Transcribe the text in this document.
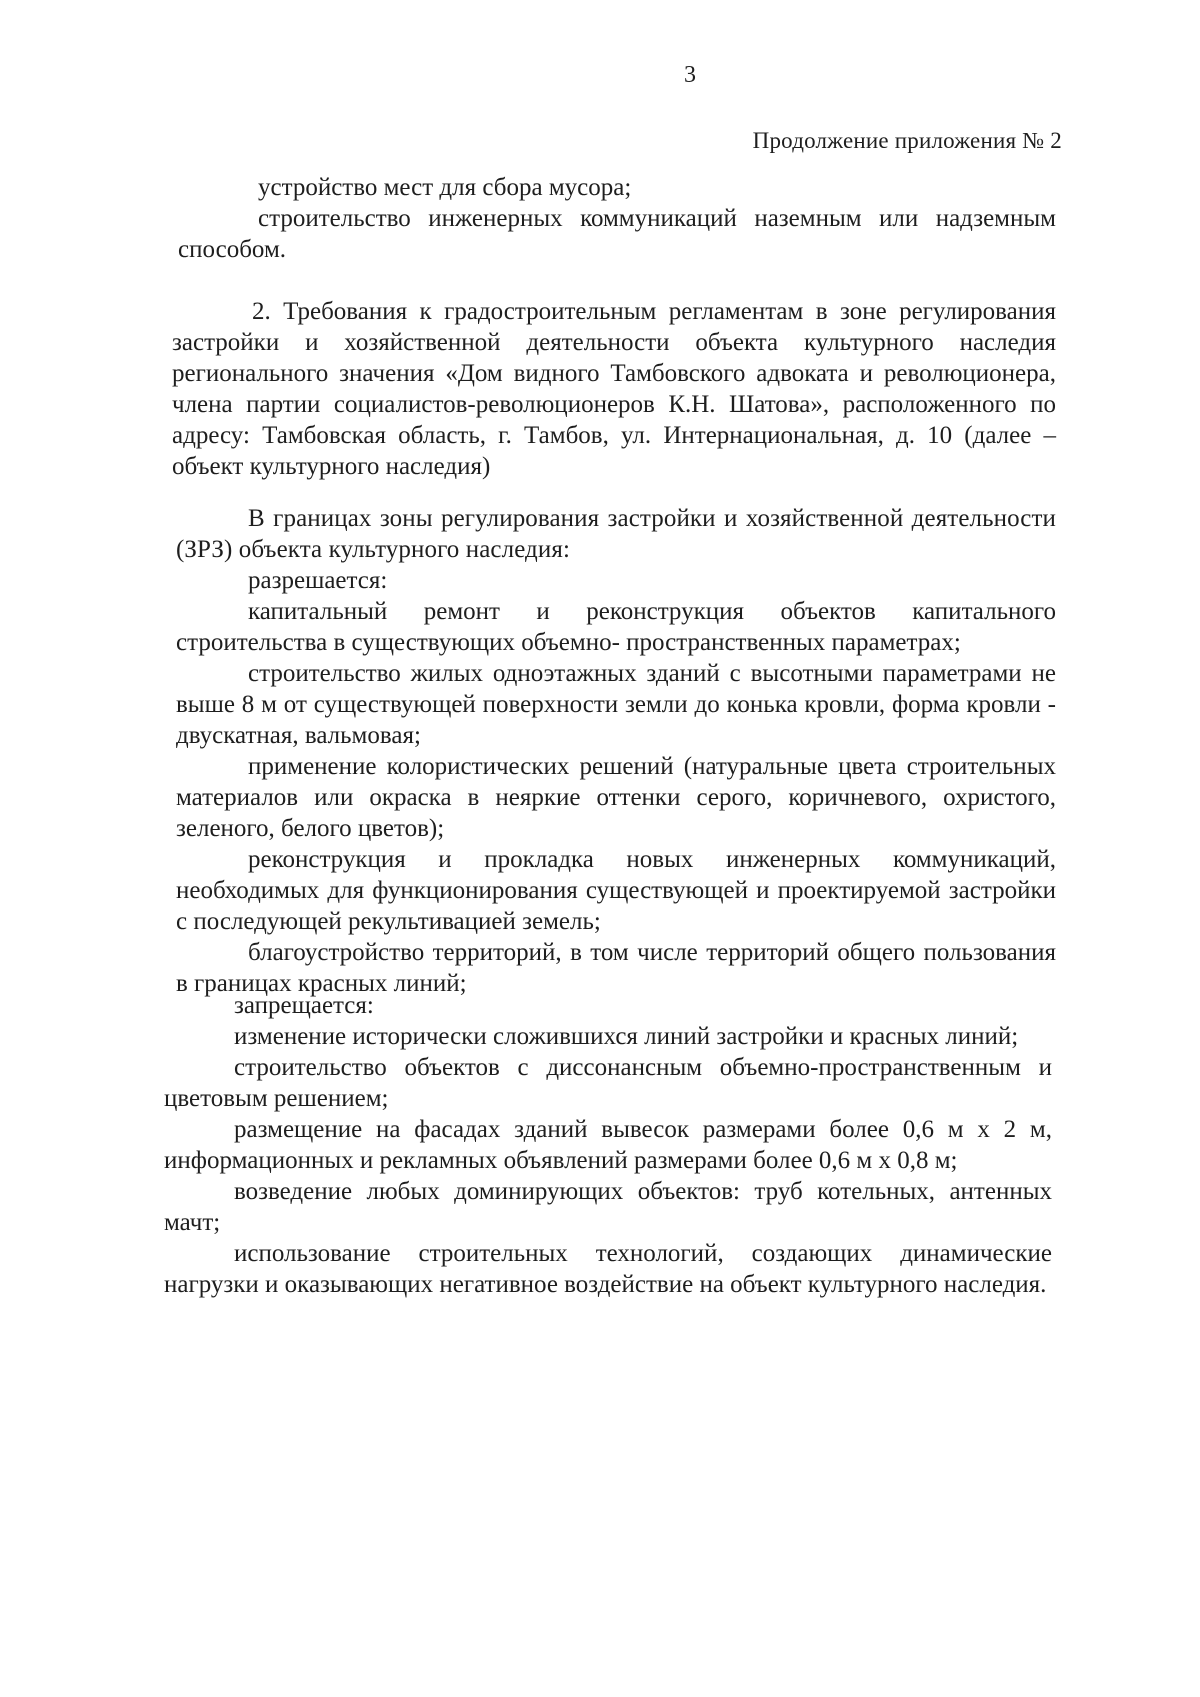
3
Продолжение приложения № 2

устройство мест для сбора мусора;

строительство инженерных коммуникаций наземным или надземным способом.

2. Требования к градостроительным регламентам в зоне регулирования застройки и хозяйственной деятельности объекта культурного наследия регионального значения «Дом видного Тамбовского адвоката и революционера, члена партии социалистов-революционеров К.Н. Шатова», расположенного по адресу: Тамбовская область, г. Тамбов, ул. Интернациональная, д. 10 (далее – объект культурного наследия)

В границах зоны регулирования застройки и хозяйственной деятельности (ЗРЗ) объекта культурного наследия:

разрешается:

капитальный ремонт и реконструкция объектов капитального строительства в существующих объемно- пространственных параметрах;

строительство жилых одноэтажных зданий с высотными параметрами не выше 8 м от существующей поверхности земли до конька кровли, форма кровли - двускатная, вальмовая;

применение колористических решений (натуральные цвета строительных материалов или окраска в неяркие оттенки серого, коричневого, охристого, зеленого, белого цветов);

реконструкция и прокладка новых инженерных коммуникаций, необходимых для функционирования существующей и проектируемой застройки с последующей рекультивацией земель;

благоустройство территорий, в том числе территорий общего пользования в границах красных линий;

запрещается:

изменение исторически сложившихся линий застройки и красных линий;

строительство объектов с диссонансным объемно-пространственным и цветовым решением;

размещение на фасадах зданий вывесок размерами более 0,6 м х 2 м, информационных и рекламных объявлений размерами более 0,6 м х 0,8 м;

возведение любых доминирующих объектов: труб котельных, антенных мачт;

использование строительных технологий, создающих динамические нагрузки и оказывающих негативное воздействие на объект культурного наследия.
